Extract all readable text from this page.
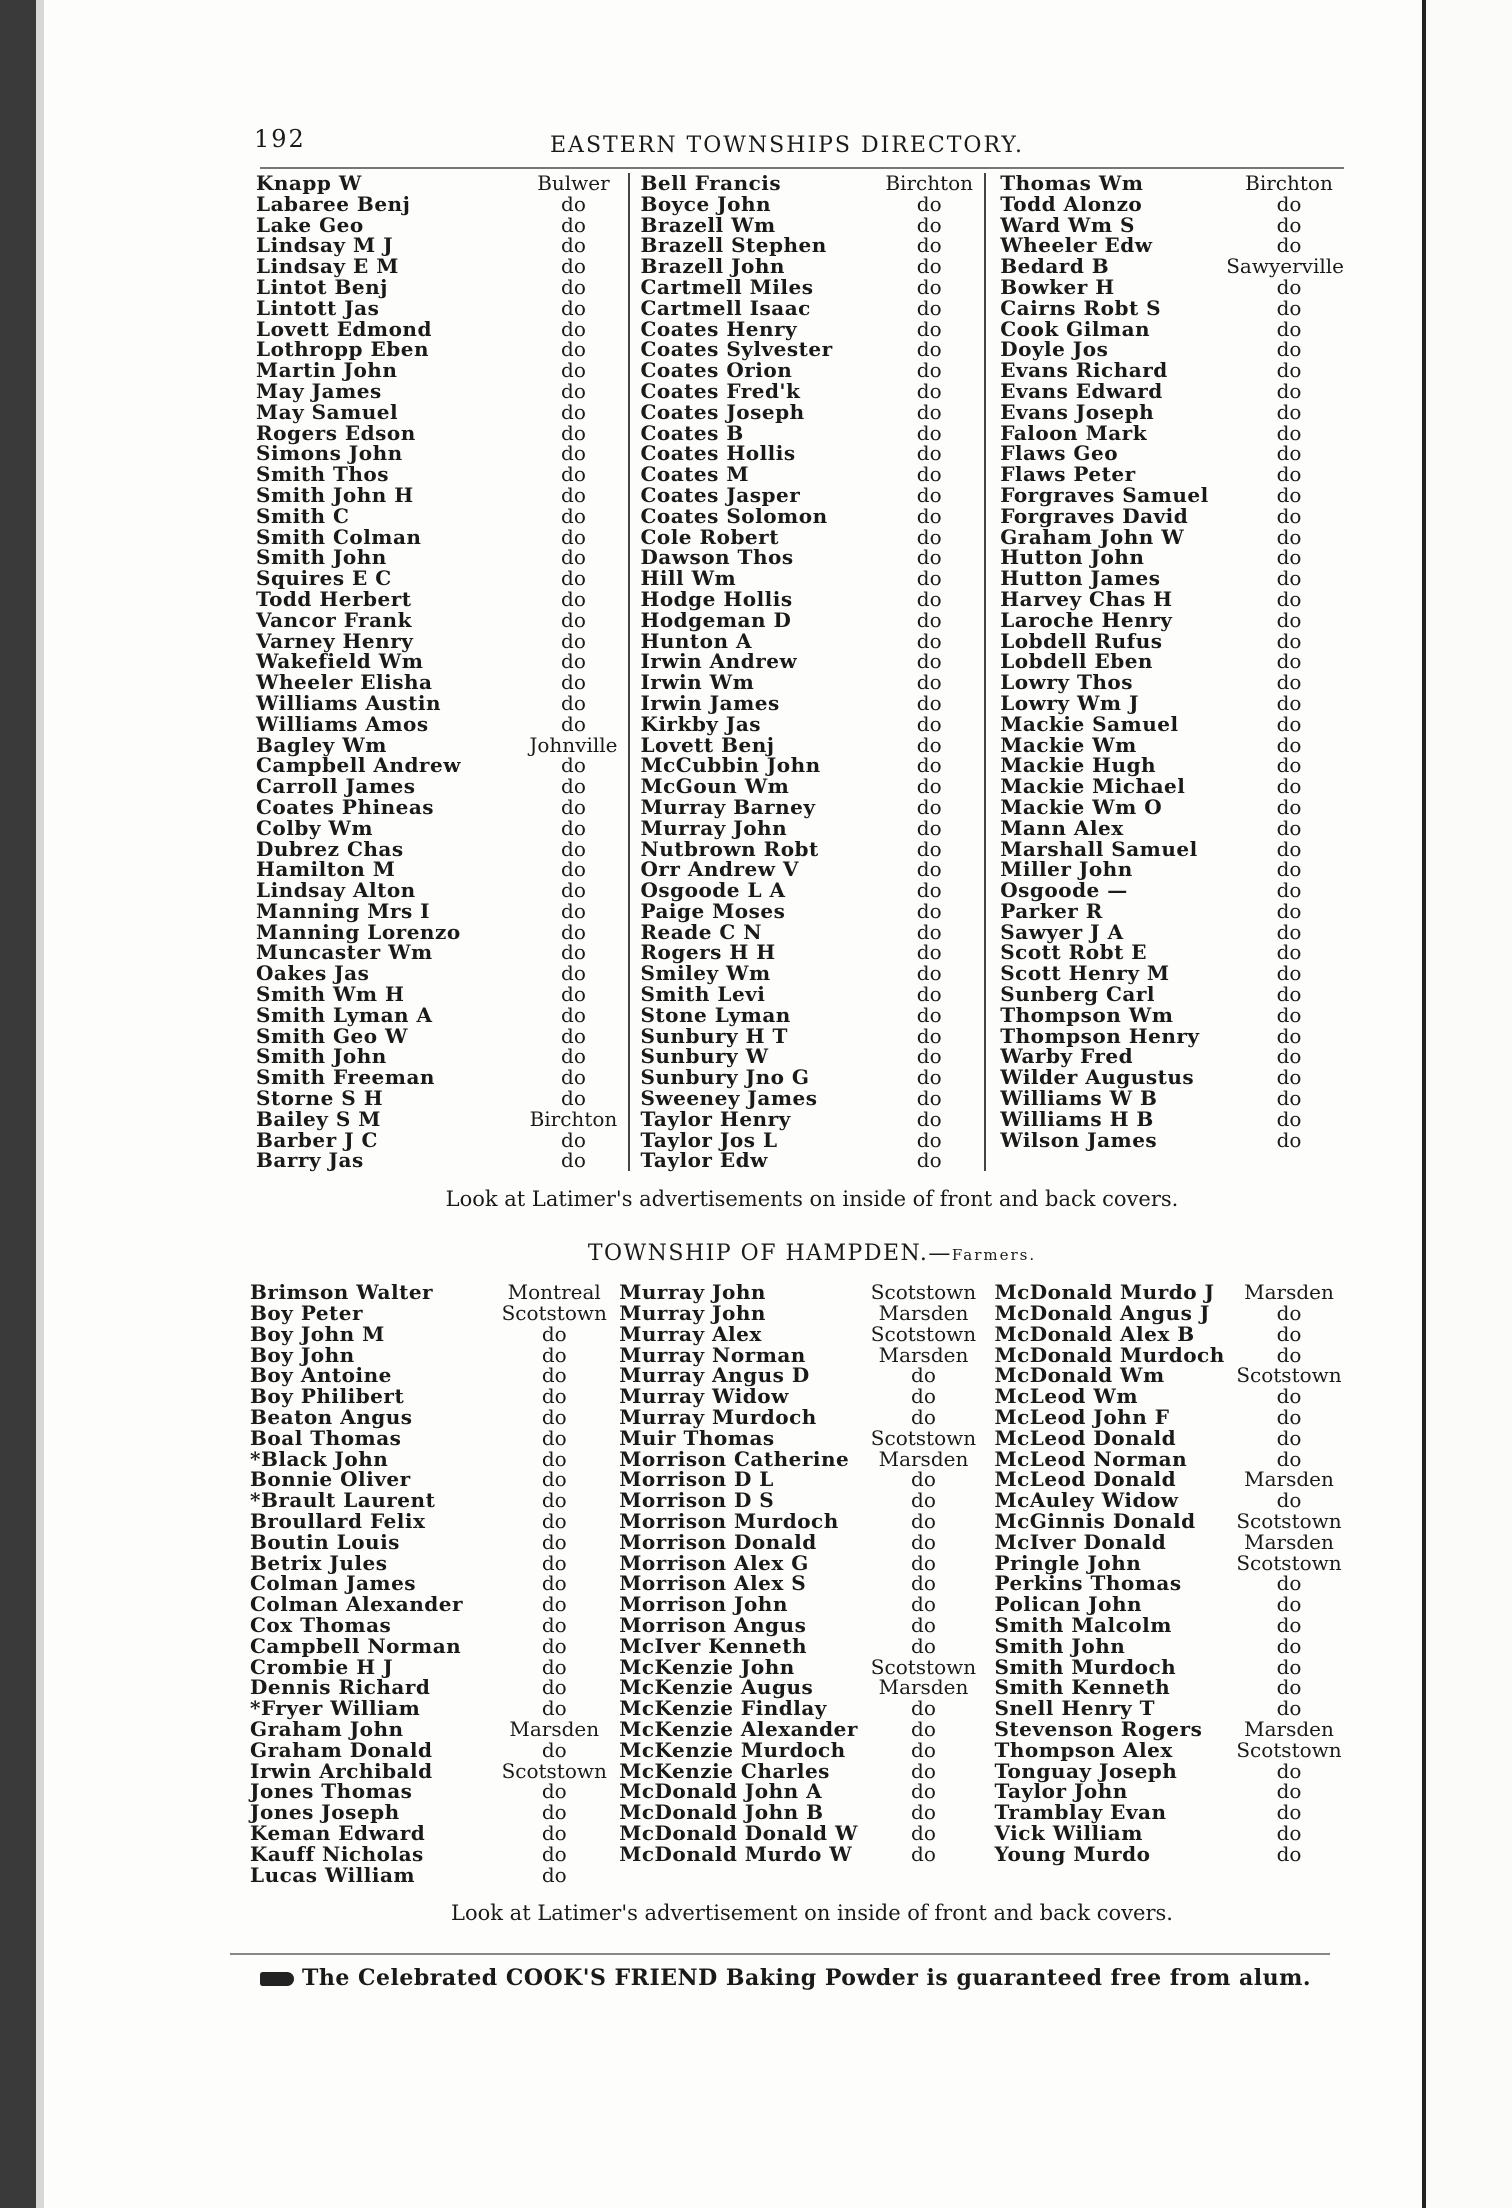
192	EASTERN TOWNSHIPS DIRECTORY.
Knapp W	Bulwer
Labaree Benj	do
Lake Geo	do
Lindsay M J	do
Lindsay E M	do
Lintot Benj	do
Lintott Jas	do
Lovett Edmond	do
Lothropp Eben	do
Martin John	do
May James	do
May Samuel	do
Rogers Edson	do
Simons John	do
Smith Thos	do
Smith John H	do
Smith C	do
Smith Colman	do
Smith John	do
Squires E C	do
Todd Herbert	do
Vancor Frank	do
Varney Henry	do
Wakefield Wm	do
Wheeler Elisha	do
Williams Austin	do
Williams Amos	do
Bagley Wm	Johnville
Campbell Andrew	do
Carroll James	do
Coates Phineas	do
Colby Wm	do
Dubrez Chas	do
Hamilton M	do
Lindsay Alton	do
Manning Mrs I	do
Manning Lorenzo	do
Muncaster Wm	do
Oakes Jas	do
Smith Wm H	do
Smith Lyman A	do
Smith Geo W	do
Smith John	do
Smith Freeman	do
Storne S H	do
Bailey S M	Birchton
Barber J C	do
Barry Jas	do
Bell Francis	Birchton
Boyce John	do
Brazell Wm	do
Brazell Stephen	do
Brazell John	do
Cartmell Miles	do
Cartmell Isaac	do
Coates Henry	do
Coates Sylvester	do
Coates Orion	do
Coates Fred'k	do
Coates Joseph	do
Coates B	do
Coates Hollis	do
Coates M	do
Coates Jasper	do
Coates Solomon	do
Cole Robert	do
Dawson Thos	do
Hill Wm	do
Hodge Hollis	do
Hodgeman D	do
Hunton A	do
Irwin Andrew	do
Irwin Wm	do
Irwin James	do
Kirkby Jas	do
Lovett Benj	do
McCubbin John	do
McGoun Wm	do
Murray Barney	do
Murray John	do
Nutbrown Robt	do
Orr Andrew V	do
Osgoode L A	do
Paige Moses	do
Reade C N	do
Rogers H H	do
Smiley Wm	do
Smith Levi	do
Stone Lyman	do
Sunbury H T	do
Sunbury W	do
Sunbury Jno G	do
Sweeney James	do
Taylor Henry	do
Taylor Jos L	do
Taylor Edw	do
Thomas Wm	Birchton
Todd Alonzo	do
Ward Wm S	do
Wheeler Edw	do
Bedard B	Sawyerville
Bowker H	do
Cairns Robt S	do
Cook Gilman	do
Doyle Jos	do
Evans Richard	do
Evans Edward	do
Evans Joseph	do
Faloon Mark	do
Flaws Geo	do
Flaws Peter	do
Forgraves Samuel	do
Forgraves David	do
Graham John W	do
Hutton John	do
Hutton James	do
Harvey Chas H	do
Laroche Henry	do
Lobdell Rufus	do
Lobdell Eben	do
Lowry Thos	do
Lowry Wm J	do
Mackie Samuel	do
Mackie Wm	do
Mackie Hugh	do
Mackie Michael	do
Mackie Wm O	do
Mann Alex	do
Marshall Samuel	do
Miller John	do
Osgoode —	do
Parker R	do
Sawyer J A	do
Scott Robt E	do
Scott Henry M	do
Sunberg Carl	do
Thompson Wm	do
Thompson Henry	do
Warby Fred	do
Wilder Augustus	do
Williams W B	do
Williams H B	do
Wilson James	do
Look at Latimer's advertisements on inside of front and back covers.
TOWNSHIP OF HAMPDEN.—Farmers.
Brimson Walter	Montreal
Boy Peter	Scotstown
Boy John M	do
Boy John	do
Boy Antoine	do
Boy Philibert	do
Beaton Angus	do
Boal Thomas	do
*Black John	do
Bonnie Oliver	do
*Brault Laurent	do
Broullard Felix	do
Boutin Louis	do
Betrix Jules	do
Colman James	do
Colman Alexander	do
Cox Thomas	do
Campbell Norman	do
Crombie H J	do
Dennis Richard	do
*Fryer William	do
Graham John	Marsden
Graham Donald	do
Irwin Archibald	Scotstown
Jones Thomas	do
Jones Joseph	do
Keman Edward	do
Kauff Nicholas	do
Lucas William	do
Murray John	Scotstown
Murray John	Marsden
Murray Alex	Scotstown
Murray Norman	Marsden
Murray Angus D	do
Murray Widow	do
Murray Murdoch	do
Muir Thomas	Scotstown
Morrison Catherine	Marsden
Morrison D L	do
Morrison D S	do
Morrison Murdoch	do
Morrison Donald	do
Morrison Alex G	do
Morrison Alex S	do
Morrison John	do
Morrison Angus	do
McIver Kenneth	do
McKenzie John	Scotstown
McKenzie Augus	Marsden
McKenzie Findlay	do
McKenzie Alexander	do
McKenzie Murdoch	do
McKenzie Charles	do
McDonald John A	do
McDonald John B	do
McDonald Donald W	do
McDonald Murdo W	do
McDonald Murdo J	Marsden
McDonald Angus J	do
McDonald Alex B	do
McDonald Murdoch	do
McDonald Wm	Scotstown
McLeod Wm	do
McLeod John F	do
McLeod Donald	do
McLeod Norman	do
McLeod Donald	Marsden
McAuley Widow	do
McGinnis Donald Scotstown
McIver Donald	Marsden
Pringle John	Scotstown
Perkins Thomas	do
Polican John	do
Smith Malcolm	do
Smith John	do
Smith Murdoch	do
Smith Kenneth	do
Snell Henry T	do
Stevenson Rogers	Marsden
Thompson Alex	Scotstown
Tonguay Joseph	do
Taylor John	do
Tramblay Evan	do
Vick William	do
Young Murdo	do
Look at Latimer's advertisement on inside of front and back covers.
The Celebrated COOK'S FRIEND Baking Powder is guaranteed free from alum.
